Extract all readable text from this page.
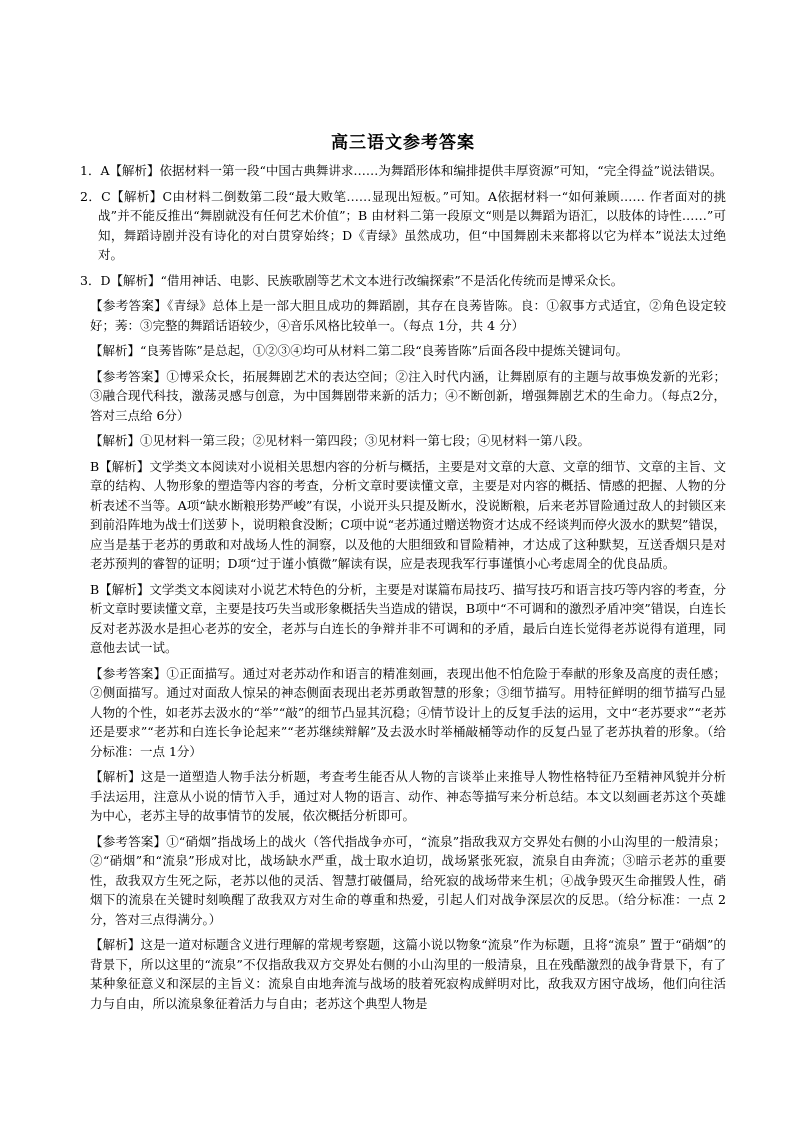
高三语文参考答案

1．A【解析】依据材料一第一段“中国古典舞讲求……为舞蹈形体和编排提供丰厚资源”可知，“完全得益”说法错误。

2．C【解析】C由材料二倒数第二段“最大败笔……显现出短板。”可知。A依据材料一“如何兼顾…… 作者面对的挑战”并不能反推出“舞剧就没有任何艺术价值”；B 由材料二第一段原文“则是以舞蹈为语汇，以肢体的诗性……”可知，舞蹈诗剧并没有诗化的对白贯穿始终；D《青绿》虽然成功，但“中国舞剧未来都将以它为样本”说法太过绝对。

3．D【解析】“借用神话、电影、民族歌剧等艺术文本进行改编探索”不是活化传统而是博采众长。

【参考答案】《青绿》总体上是一部大胆且成功的舞蹈剧，其存在良莠皆陈。良：①叙事方式适宜，②角色设定较好；莠：③完整的舞蹈话语较少，④音乐风格比较单一。（每点 1分，共 4 分）

【解析】“良莠皆陈”是总起，①②③④均可从材料二第二段“良莠皆陈”后面各段中提炼关键词句。

【参考答案】①博采众长，拓展舞剧艺术的表达空间；②注入时代内涵，让舞剧原有的主题与故事焕发新的光彩；③融合现代科技，激荡灵感与创意，为中国舞剧带来新的活力；④不断创新，增强舞剧艺术的生命力。（每点2分，答对三点给 6分）

【解析】①见材料一第三段；②见材料一第四段；③见材料一第七段；④见材料一第八段。

B【解析】文学类文本阅读对小说相关思想内容的分析与概括，主要是对文章的大意、文章的细节、文章的主旨、文章的结构、人物形象的塑造等内容的考查，分析文章时要读懂文章，主要是对内容的概括、情感的把握、人物的分析表述不当等。A项“缺水断粮形势严峻”有误，小说开头只提及断水，没说断粮，后来老苏冒险通过敌人的封锁区来到前沿阵地为战士们送萝卜，说明粮食没断；C项中说“老苏通过赠送物资才达成不经谈判而停火汲水的默契”错误，应当是基于老苏的勇敢和对战场人性的洞察，以及他的大胆细致和冒险精神，才达成了这种默契，互送香烟只是对老苏预判的睿智的证明；D项“过于谨小慎微”解读有误，应是表现我军行事谨慎小心考虑周全的优良品质。

B【解析】文学类文本阅读对小说艺术特色的分析，主要是对谋篇布局技巧、描写技巧和语言技巧等内容的考查，分析文章时要读懂文章，主要是技巧失当或形象概括失当造成的错误，B项中“不可调和的激烈矛盾冲突”错误，白连长反对老苏汲水是担心老苏的安全，老苏与白连长的争辩并非不可调和的矛盾，最后白连长觉得老苏说得有道理，同意他去试一试。

【参考答案】①正面描写。通过对老苏动作和语言的精准刻画，表现出他不怕危险于奉献的形象及高度的责任感；②侧面描写。通过对面敌人惊呆的神态侧面表现出老苏勇敢智慧的形象；③细节描写。用特征鲜明的细节描写凸显人物的个性，如老苏去汲水的“举”“敲”的细节凸显其沉稳；④情节设计上的反复手法的运用，文中“老苏要求”“老苏还是要求”“老苏和白连长争论起来”“老苏继续辩解”及去汲水时举桶敲桶等动作的反复凸显了老苏执着的形象。（给分标准：一点 1分）

【解析】这是一道塑造人物手法分析题，考查考生能否从人物的言谈举止来推导人物性格特征乃至精神风貌并分析手法运用，注意从小说的情节入手，通过对人物的语言、动作、神态等描写来分析总结。本文以刻画老苏这个英雄为中心，老苏主导的故事情节的发展，依次概括分析即可。

【参考答案】①“硝烟”指战场上的战火（答代指战争亦可，“流泉”指敌我双方交界处右侧的小山沟里的一般清泉；②“硝烟”和“流泉”形成对比，战场缺水严重，战士取水迫切，战场紧张死寂，流泉自由奔流；③暗示老苏的重要性，敌我双方生死之际，老苏以他的灵活、智慧打破僵局，给死寂的战场带来生机；④战争毁灭生命摧毁人性，硝烟下的流泉在关键时刻唤醒了敌我双方对生命的尊重和热爱，引起人们对战争深层次的反思。（给分标准：一点 2分，答对三点得满分。）

【解析】这是一道对标题含义进行理解的常规考察题，这篇小说以物象“流泉”作为标题，且将“流泉” 置于“硝烟”的背景下，所以这里的“流泉”不仅指敌我双方交界处右侧的小山沟里的一般清泉，且在残酷激烈的战争背景下，有了某种象征意义和深层的主旨义：流泉自由地奔流与战场的肢着死寂构成鲜明对比，敌我双方困守战场，他们向往活力与自由，所以流泉象征着活力与自由；老苏这个典型人物是
